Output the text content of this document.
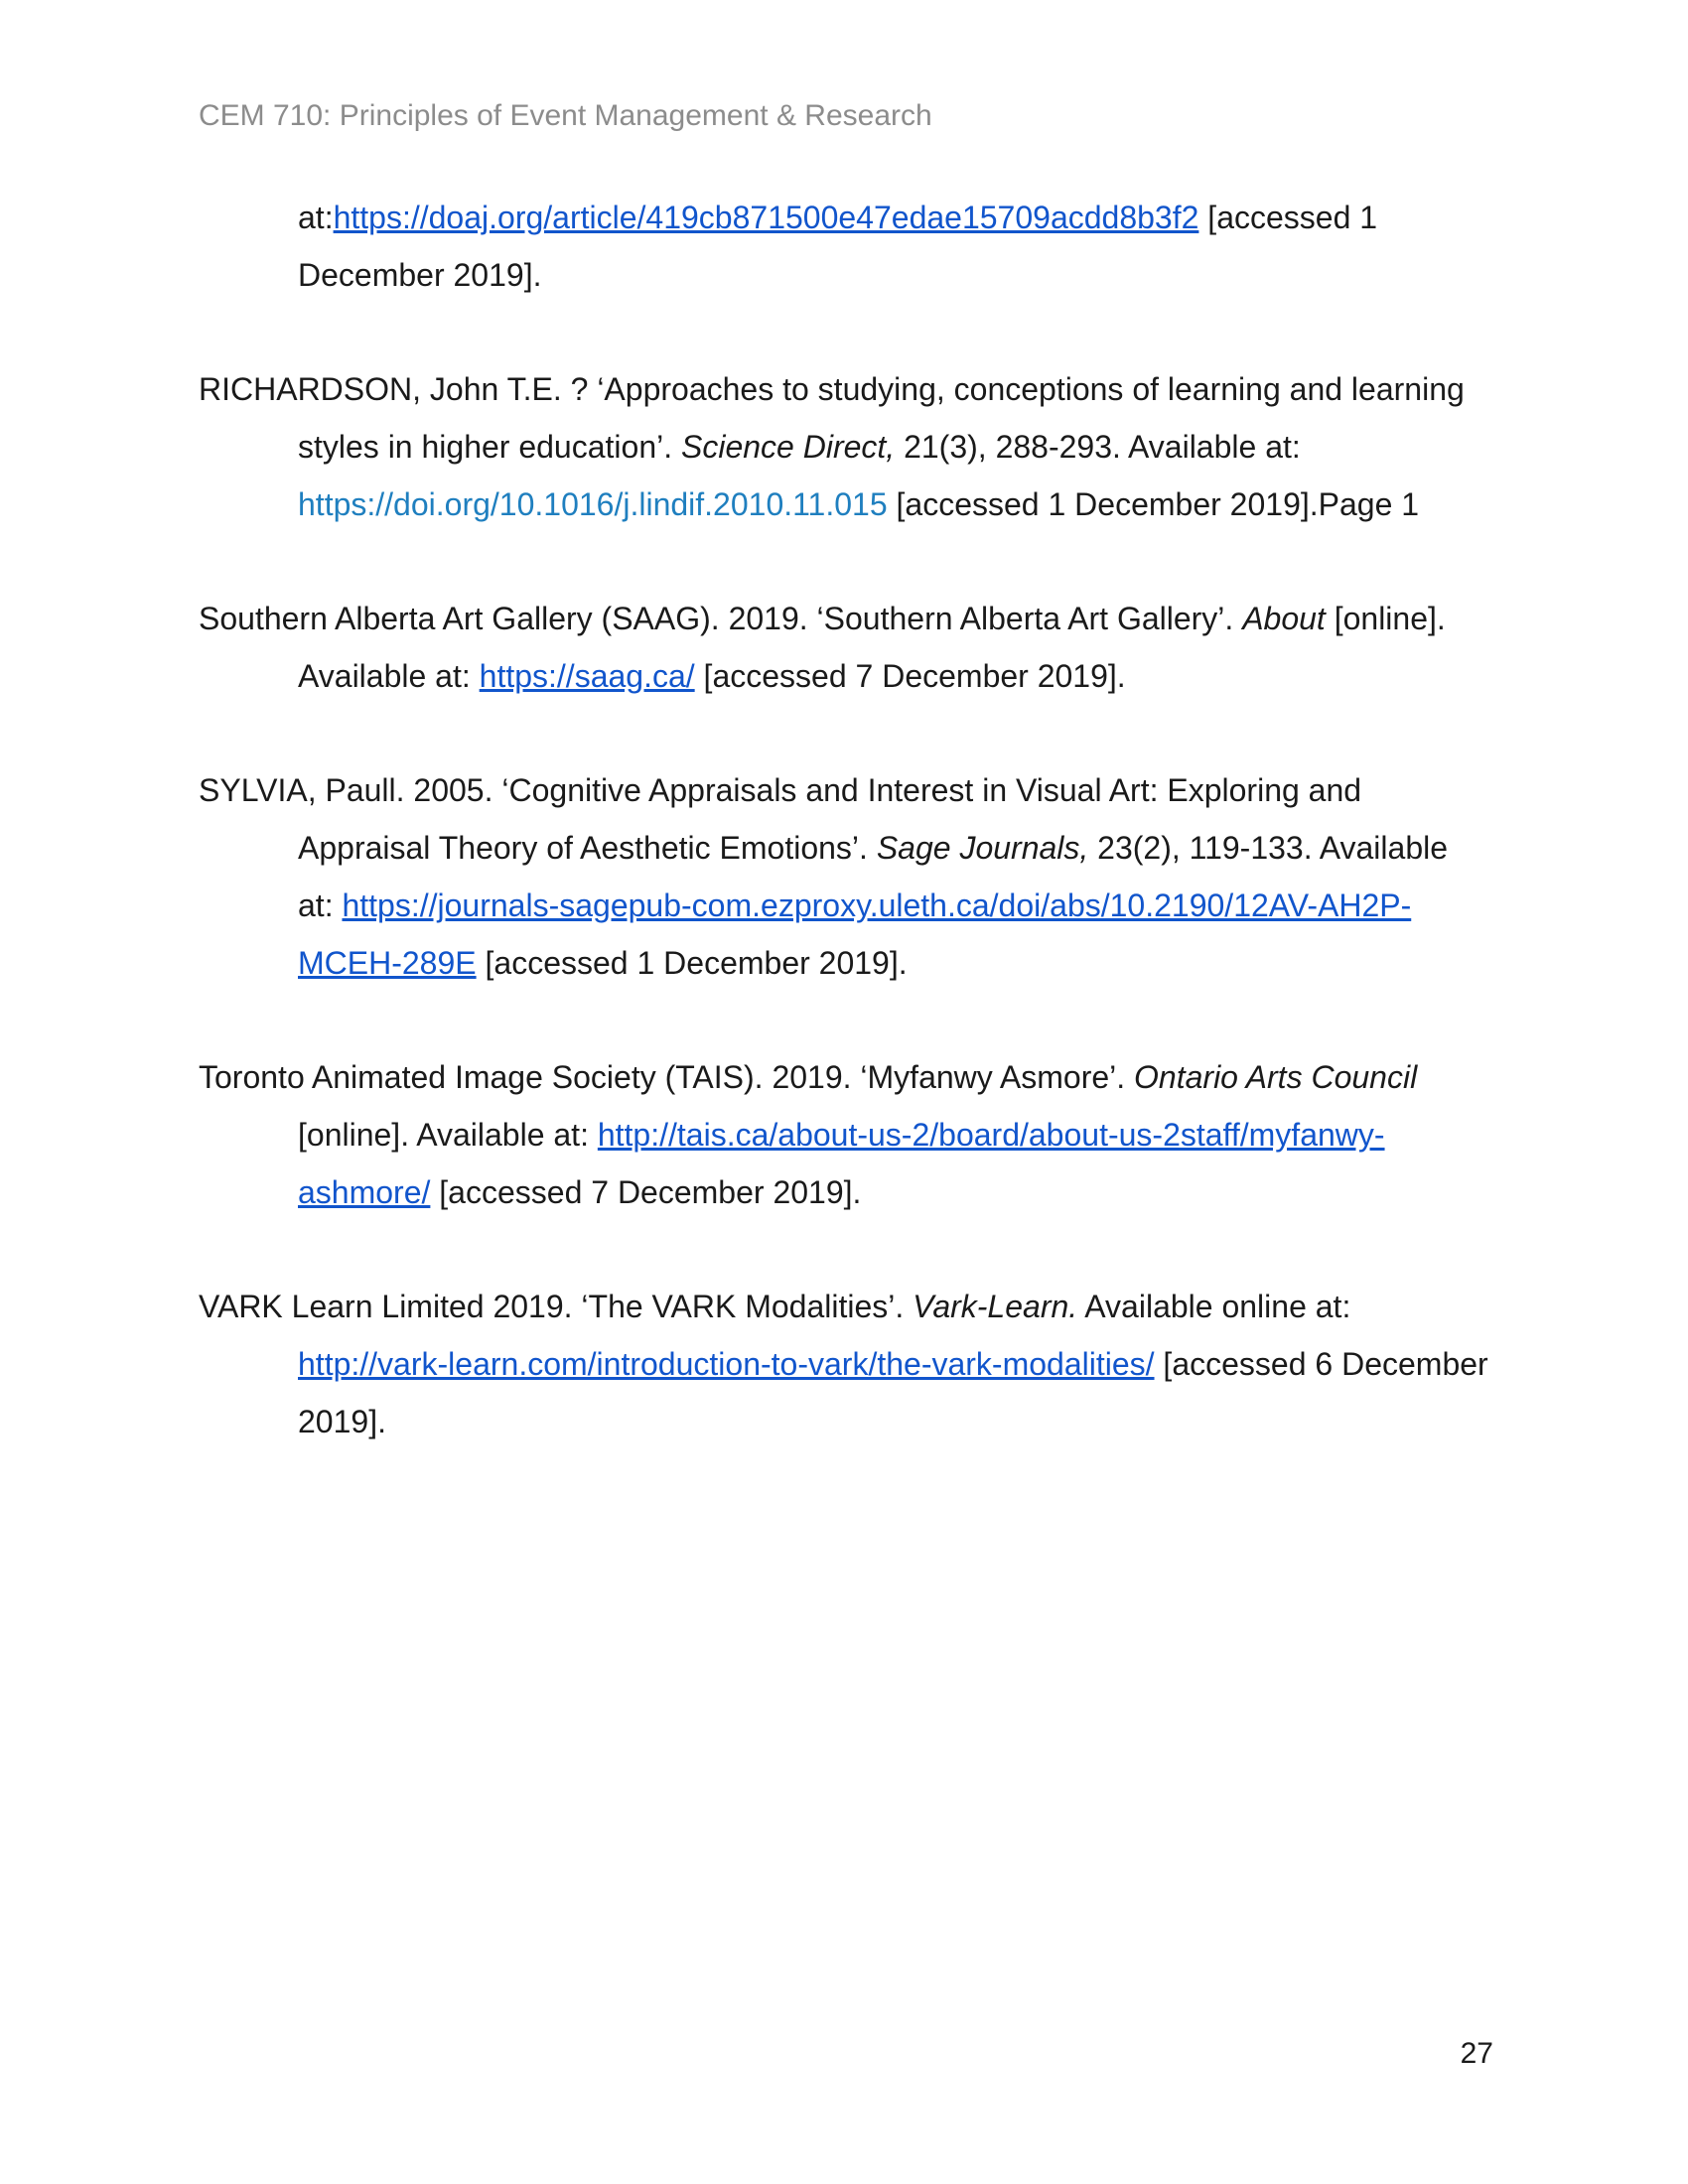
CEM 710: Principles of Event Management & Research

at:https://doaj.org/article/419cb871500e47edae15709acdd8b3f2 [accessed 1 December 2019].

RICHARDSON, John T.E. ? ‘Approaches to studying, conceptions of learning and learning styles in higher education’. Science Direct, 21(3), 288-293. Available at: https://doi.org/10.1016/j.lindif.2010.11.015 [accessed 1 December 2019].Page 1

Southern Alberta Art Gallery (SAAG). 2019. ‘Southern Alberta Art Gallery’. About [online]. Available at: https://saag.ca/ [accessed 7 December 2019].

SYLVIA, Paull. 2005. ‘Cognitive Appraisals and Interest in Visual Art: Exploring and Appraisal Theory of Aesthetic Emotions’. Sage Journals, 23(2), 119-133. Available at: https://journals-sagepub-com.ezproxy.uleth.ca/doi/abs/10.2190/12AV-AH2P-MCEH-289E [accessed 1 December 2019].

Toronto Animated Image Society (TAIS). 2019. ‘Myfanwy Asmore’. Ontario Arts Council [online]. Available at: http://tais.ca/about-us-2/board/about-us-2staff/myfanwy-ashmore/ [accessed 7 December 2019].

VARK Learn Limited 2019. ‘The VARK Modalities’. Vark-Learn. Available online at: http://vark-learn.com/introduction-to-vark/the-vark-modalities/ [accessed 6 December 2019].

27
